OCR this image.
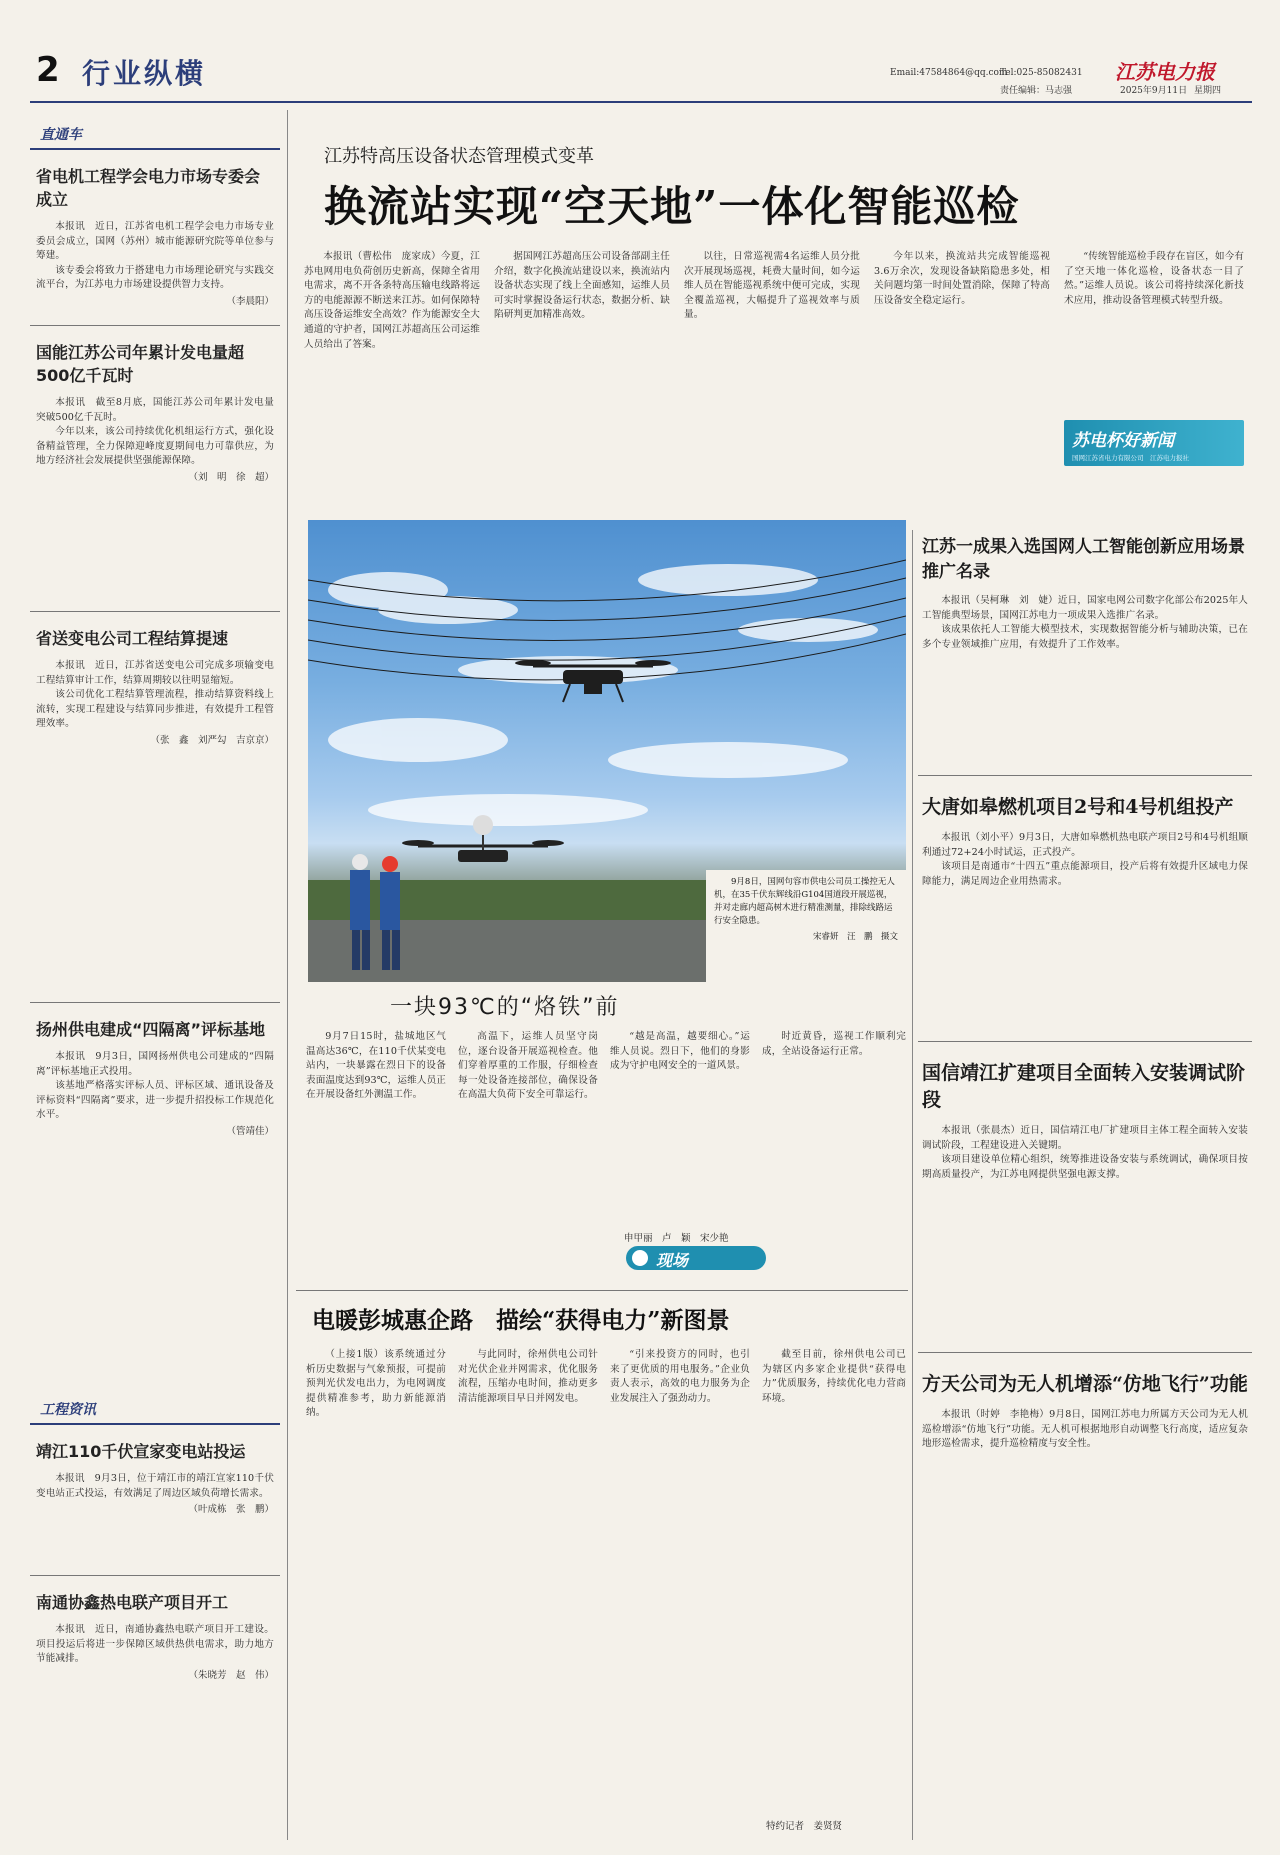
2 行业纵横	Email:47584864@qq.com
Tel:025-85082431
责任编辑：马志强
江苏电力报
2025年9月11日 星期四
直通车
省电机工程学会电力市场专委会成立

本报讯　近日，江苏省电机工程学会电力市场专业委员会成立，国网（苏州）城市能源研究院等单位参与筹建。

该专委会将致力于搭建电力市场理论研究与实践交流平台，为江苏电力市场建设提供智力支持。

（李晨阳）
国能江苏公司年累计发电量超500亿千瓦时

本报讯　截至8月底，国能江苏公司年累计发电量突破500亿千瓦时。

今年以来，该公司持续优化机组运行方式，强化设备精益管理，全力保障迎峰度夏期间电力可靠供应，为地方经济社会发展提供坚强能源保障。

（刘　明　徐　超）
省送变电公司工程结算提速

本报讯　近日，江苏省送变电公司完成多项输变电工程结算审计工作，结算周期较以往明显缩短。

该公司优化工程结算管理流程，推动结算资料线上流转，实现工程建设与结算同步推进，有效提升工程管理效率。

（张　鑫　刘严勾　吉京京）
扬州供电建成“四隔离”评标基地

本报讯　9月3日，国网扬州供电公司建成的“四隔离”评标基地正式投用。

该基地严格落实评标人员、评标区域、通讯设备及评标资料“四隔离”要求，进一步提升招投标工作规范化水平。

（管靖佳）
工程资讯
靖江110千伏宣家变电站投运

本报讯　9月3日，位于靖江市的靖江宣家110千伏变电站正式投运，有效满足了周边区域负荷增长需求。

（叶成栋　张　鹏）
南通协鑫热电联产项目开工

本报讯　近日，南通协鑫热电联产项目开工建设。项目投运后将进一步保障区域供热供电需求，助力地方节能减排。

（朱晓芳　赵　伟）
江苏特高压设备状态管理模式变革
换流站实现“空天地”一体化智能巡检

本报讯（曹松伟　庞家成）今夏，江苏电网用电负荷创历史新高，保障全省用电需求，离不开各条特高压输电线路将远方的电能源源不断送来江苏。如何保障特高压设备运维安全高效？作为能源安全大通道的守护者，国网江苏超高压公司运维人员给出了答案。

据国网江苏超高压公司设备部副主任介绍，数字化换流站建设以来，换流站内设备状态实现了线上全面感知，运维人员可实时掌握设备运行状态，数据分析、缺陷研判更加精准高效。

以往，日常巡视需4名运维人员分批次开展现场巡视，耗费大量时间，如今运维人员在智能巡视系统中便可完成，实现全覆盖巡视，大幅提升了巡视效率与质量。

今年以来，换流站共完成智能巡视3.6万余次，发现设备缺陷隐患多处，相关问题均第一时间处置消除，保障了特高压设备安全稳定运行。

“传统智能巡检手段存在盲区，如今有了空天地一体化巡检，设备状态一目了然。”运维人员说。该公司将持续深化新技术应用，推动设备管理模式转型升级。

苏电杯好新闻
国网江苏省电力有限公司　江苏电力报社

9月8日，国网句容市供电公司员工操控无人机，在35千伏东辉线沿G104国道段开展巡视，并对走廊内超高树木进行精准测量，排除线路运行安全隐患。

宋睿妍　汪　鹏　摄文
一块93℃的“烙铁”前

9月7日15时，盐城地区气温高达36℃，在110千伏某变电站内，一块暴露在烈日下的设备表面温度达到93℃，运维人员正在开展设备红外测温工作。

高温下，运维人员坚守岗位，逐台设备开展巡视检查。他们穿着厚重的工作服，仔细检查每一处设备连接部位，确保设备在高温大负荷下安全可靠运行。

“越是高温，越要细心。”运维人员说。烈日下，他们的身影成为守护电网安全的一道风景。

时近黄昏，巡视工作顺利完成，全站设备运行正常。

申甲丽　卢　颖　宋少艳
现场
江苏一成果入选国网人工智能创新应用场景推广名录

本报讯（吴柯琳　刘　婕）近日，国家电网公司数字化部公布2025年人工智能典型场景，国网江苏电力一项成果入选推广名录。

该成果依托人工智能大模型技术，实现数据智能分析与辅助决策，已在多个专业领域推广应用，有效提升了工作效率。

大唐如皋燃机项目2号和4号机组投产

本报讯（刘小平）9月3日，大唐如皋燃机热电联产项目2号和4号机组顺利通过72+24小时试运，正式投产。

该项目是南通市“十四五”重点能源项目，投产后将有效提升区域电力保障能力，满足周边企业用热需求。

国信靖江扩建项目全面转入安装调试阶段

本报讯（张晨杰）近日，国信靖江电厂扩建项目主体工程全面转入安装调试阶段，工程建设进入关键期。

该项目建设单位精心组织，统筹推进设备安装与系统调试，确保项目按期高质量投产，为江苏电网提供坚强电源支撑。

方天公司为无人机增添“仿地飞行”功能

本报讯（时婷　李艳梅）9月8日，国网江苏电力所属方天公司为无人机巡检增添“仿地飞行”功能。无人机可根据地形自动调整飞行高度，适应复杂地形巡检需求，提升巡检精度与安全性。

电暖彭城惠企路　描绘“获得电力”新图景

（上接1版）该系统通过分析历史数据与气象预报，可提前预判光伏发电出力，为电网调度提供精准参考，助力新能源消纳。

与此同时，徐州供电公司针对光伏企业并网需求，优化服务流程，压缩办电时间，推动更多清洁能源项目早日并网发电。

“引来投资方的同时，也引来了更优质的用电服务。”企业负责人表示，高效的电力服务为企业发展注入了强劲动力。

截至目前，徐州供电公司已为辖区内多家企业提供“获得电力”优质服务，持续优化电力营商环境。

特约记者　姜贤贤
